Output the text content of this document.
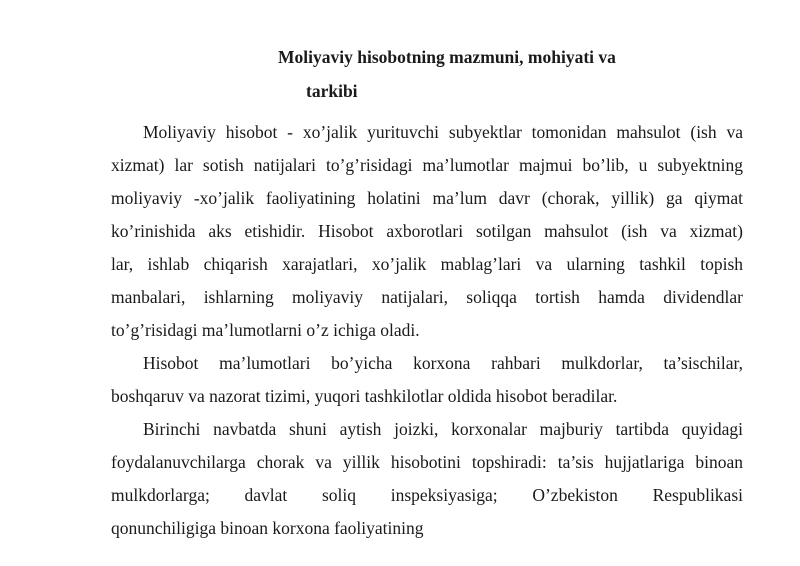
Moliyaviy hisobotning mazmuni, mohiyati va
tarkibi

Moliyaviy hisobot - xo’jalik yurituvchi subyektlar tomonidan mahsulot (ish va
xizmat) lar sotish natijalari to’g’risidagi ma’lumotlar majmui bo’lib, u subyektning
moliyaviy -xo’jalik faoliyatining holatini ma’lum davr (chorak, yillik) ga qiymat
ko’rinishida aks etishidir. Hisobot axborotlari sotilgan mahsulot (ish va xizmat)
lar, ishlab chiqarish xarajatlari, xo’jalik mablag’lari va ularning tashkil topish
manbalari, ishlarning moliyaviy natijalari, soliqqa tortish hamda dividendlar
to’g’risidagi ma’lumotlarni o’z ichiga oladi.

Hisobot ma’lumotlari bo’yicha korxona rahbari mulkdorlar, ta’sischilar,
boshqaruv va nazorat tizimi, yuqori tashkilotlar oldida hisobot beradilar.

Birinchi navbatda shuni aytish joizki, korxonalar majburiy tartibda quyidagi
foydalanuvchilarga chorak va yillik hisobotini topshiradi: ta’sis hujjatlariga binoan
mulkdorlarga; davlat soliq inspeksiyasiga; O’zbekiston Respublikasi
qonunchiligiga binoan korxona faoliyatining
